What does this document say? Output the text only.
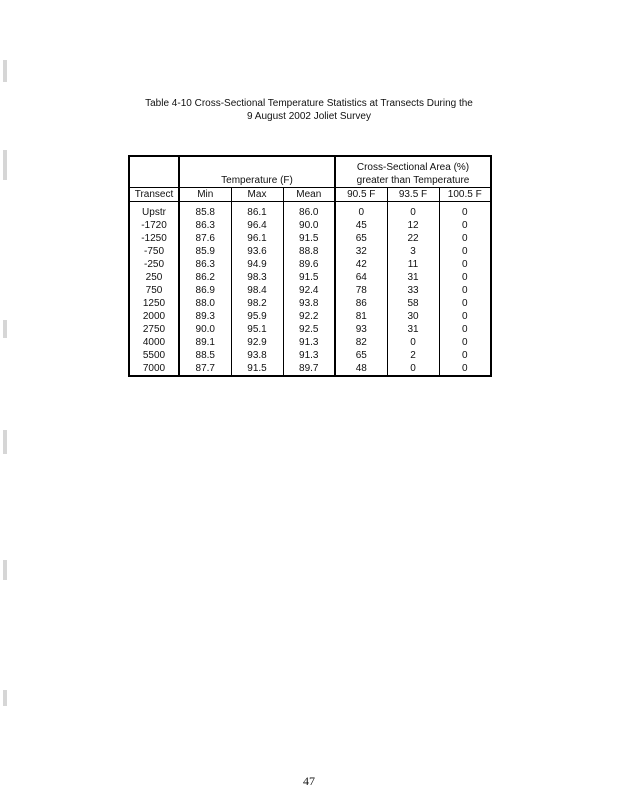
Table 4-10 Cross-Sectional Temperature Statistics at Transects During the
9 August 2002 Joliet Survey
	Temperature (F)			Cross-Sectional Area (%)
greater than Temperature		

Transect	Min	Max	Mean	90.5 F	93.5 F	100.5 F

Upstr	85.8	86.1	86.0	0	0	0
-1720	86.3	96.4	90.0	45	12	0
-1250	87.6	96.1	91.5	65	22	0
-750	85.9	93.6	88.8	32	3	0
-250	86.3	94.9	89.6	42	11	0
250	86.2	98.3	91.5	64	31	0
750	86.9	98.4	92.4	78	33	0
1250	88.0	98.2	93.8	86	58	0
2000	89.3	95.9	92.2	81	30	0
2750	90.0	95.1	92.5	93	31	0
4000	89.1	92.9	91.3	82	0	0
5500	88.5	93.8	91.3	65	2	0
7000	87.7	91.5	89.7	48	0	0
47
